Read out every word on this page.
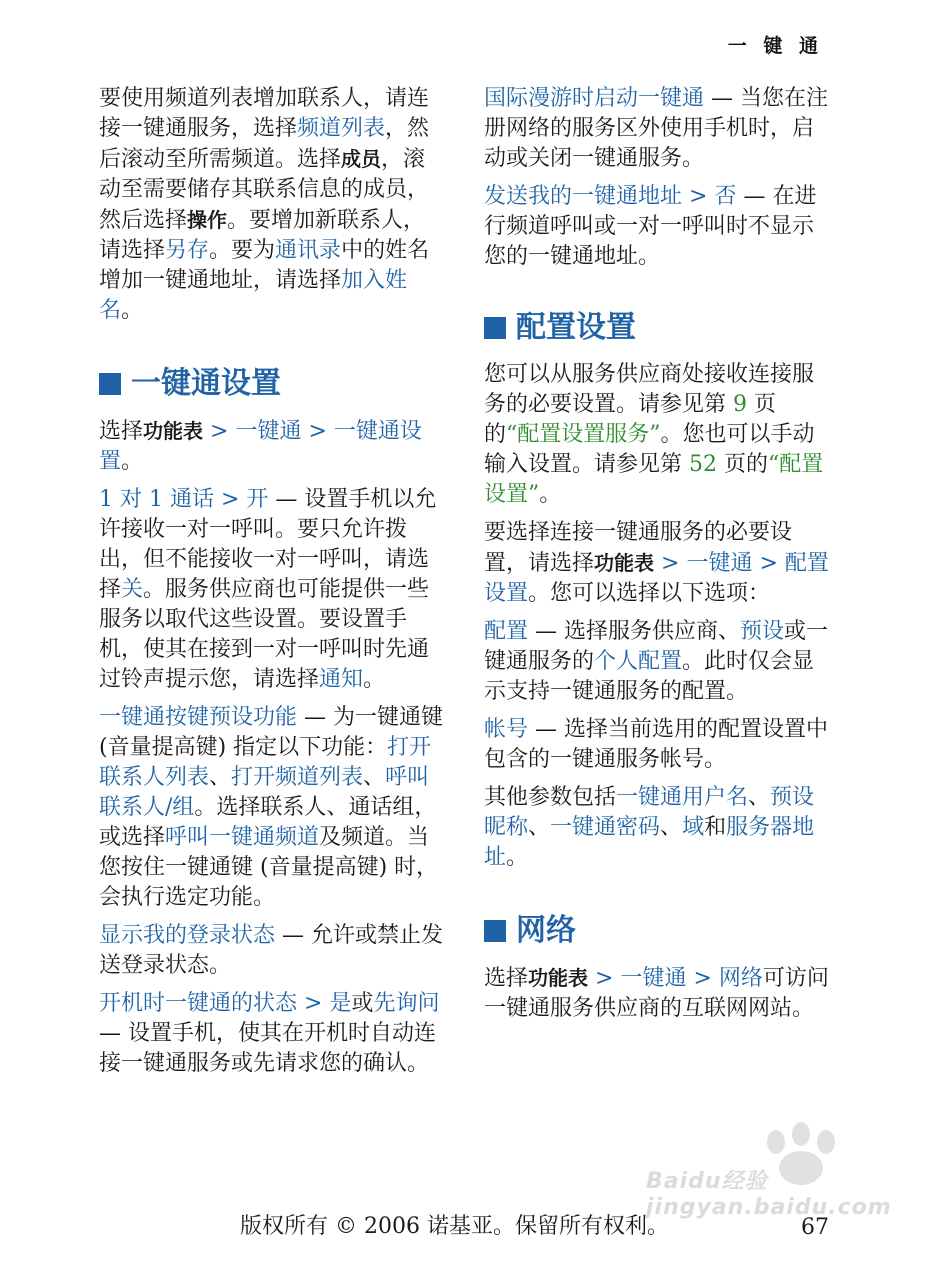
一 键 通

要使用频道列表增加联系人，请连接一键通服务，选择频道列表，然后滚动至所需频道。选择成员，滚动至需要储存其联系信息的成员，然后选择操作。要增加新联系人，请选择另存。要为通讯录中的姓名增加一键通地址，请选择加入姓名。

一键通设置

选择功能表 > 一键通 > 一键通设置。

1 对 1 通话 > 开 — 设置手机以允许接收一对一呼叫。要只允许拨出，但不能接收一对一呼叫，请选择关。服务供应商也可能提供一些服务以取代这些设置。要设置手机，使其在接到一对一呼叫时先通过铃声提示您，请选择通知。

一键通按键预设功能 — 为一键通键 (音量提高键) 指定以下功能：打开联系人列表、打开频道列表、呼叫联系人/组。选择联系人、通话组，或选择呼叫一键通频道及频道。当您按住一键通键 (音量提高键) 时，会执行选定功能。

显示我的登录状态 — 允许或禁止发送登录状态。

开机时一键通的状态 > 是或先询问 — 设置手机，使其在开机时自动连接一键通服务或先请求您的确认。

国际漫游时启动一键通 — 当您在注册网络的服务区外使用手机时，启动或关闭一键通服务。

发送我的一键通地址 > 否 — 在进行频道呼叫或一对一呼叫时不显示您的一键通地址。

配置设置

您可以从服务供应商处接收连接服务的必要设置。请参见第 9 页的“配置设置服务”。您也可以手动输入设置。请参见第 52 页的“配置设置”。

要选择连接一键通服务的必要设置，请选择功能表 > 一键通 > 配置设置。您可以选择以下选项：

配置 — 选择服务供应商、预设或一键通服务的个人配置。此时仅会显示支持一键通服务的配置。

帐号 — 选择当前选用的配置设置中包含的一键通服务帐号。

其他参数包括一键通用户名、预设昵称、一键通密码、域和服务器地址。

网络

选择功能表 > 一键通 > 网络可访问一键通服务供应商的互联网网站。

Baidu经验 jingyan.baidu.com
版权所有 © 2006 诺基亚。保留所有权利。	67
